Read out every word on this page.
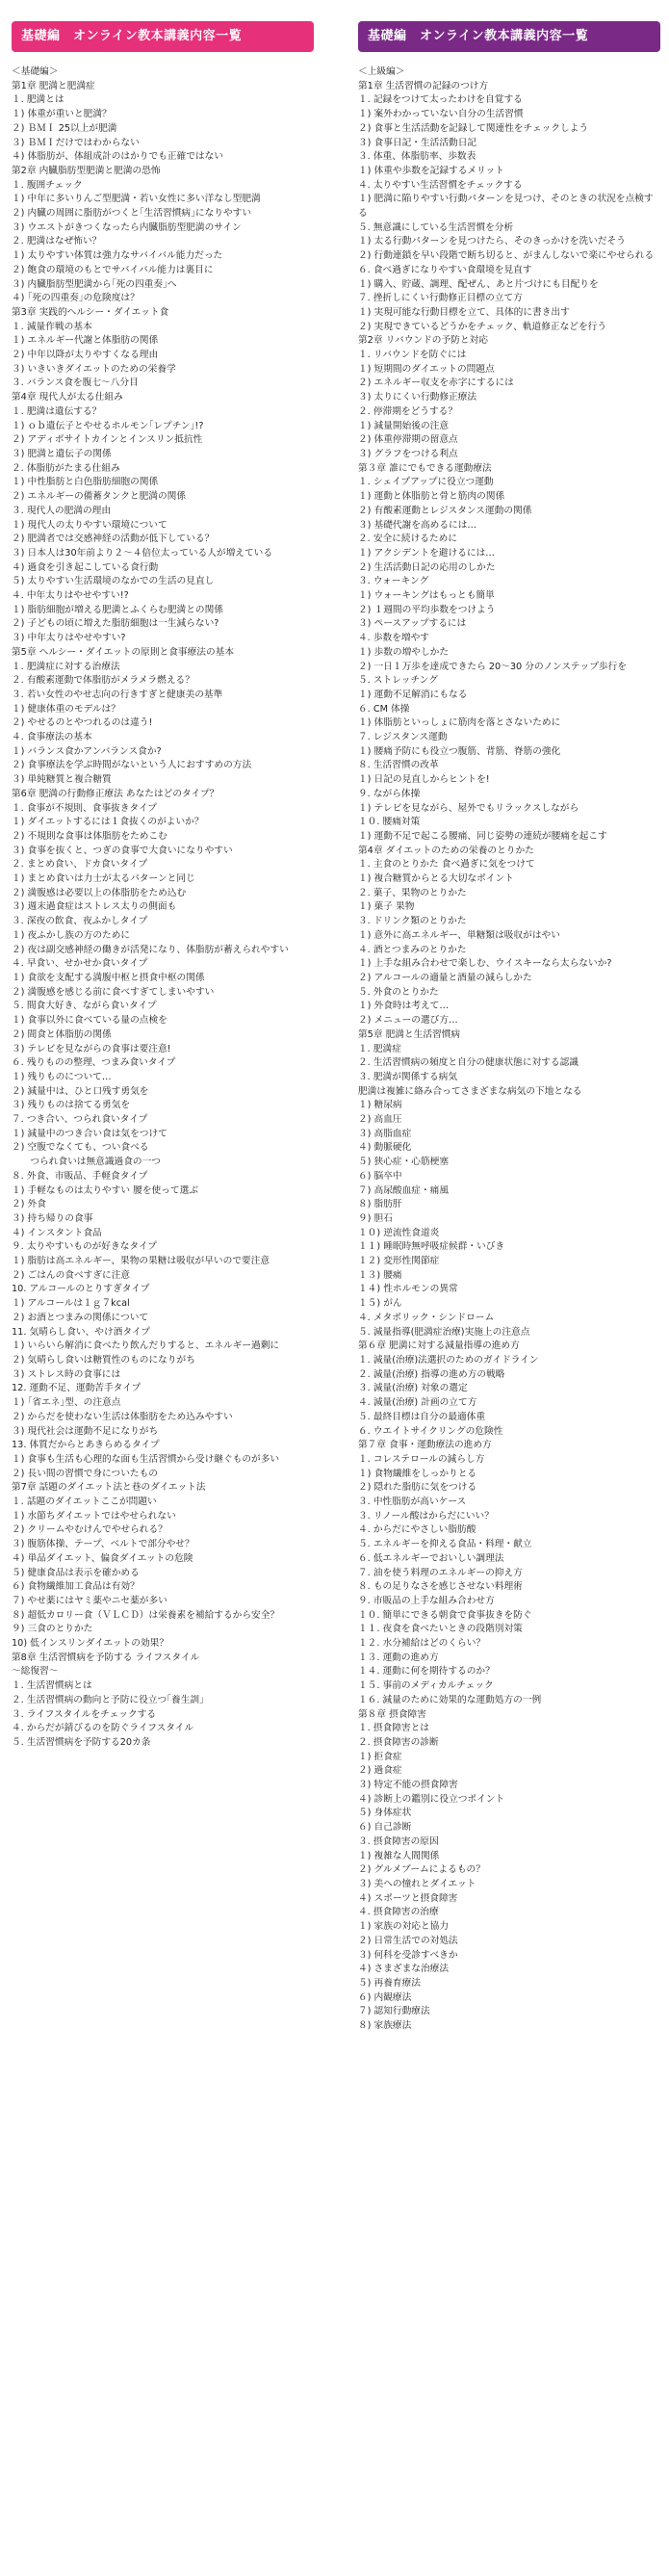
基礎編　オンライン教本講義内容一覧

＜基礎編＞

第1章 肥満と肥満症

１. 肥満とは

１) 体重が重いと肥満？

２) ＢＭＩ 25以上が肥満

３) ＢＭＩだけではわからない

４) 体脂肪が、体組成計のはかりでも正確ではない

第2章 内臓脂肪型肥満と肥満の恐怖

１. 腹囲チェック

１) 中年に多いりんご型肥満・若い女性に多い洋なし型肥満

２) 内臓の周囲に脂肪がつくと｢生活習慣病｣になりやすい

３) ウエストがきつくなったら内臓脂肪型肥満のサイン

２. 肥満はなぜ怖い？

１) 太りやすい体質は強力なサバイバル能力だった

２) 飽食の環境のもとでサバイバル能力は裏目に

３) 内臓脂肪型肥満から｢死の四重奏｣へ

４) ｢死の四重奏｣の危険度は？

第3章 実践的ヘルシー・ダイエット食

１. 減量作戦の基本

１) エネルギー代謝と体脂肪の関係

２) 中年以降が太りやすくなる理由

３) いきいきダイエットのための栄養学

３. バランス食を腹七～八分目

第4章 現代人が太る仕組み

１. 肥満は遺伝する？

１) ｏｂ遺伝子とやせるホルモン｢レプチン｣!?

２) アディポサイトカインとインスリン抵抗性

３) 肥満と遺伝子の関係

２. 体脂肪がたまる仕組み

１) 中性脂肪と白色脂肪細胞の関係

２) エネルギーの備蓄タンクと肥満の関係

３. 現代人の肥満の理由

１) 現代人の太りやすい環境について

２) 肥満者では交感神経の活動が低下している？

３) 日本人は30年前より２～４倍位太っている人が増えている

４) 過食を引き起こしている食行動

５) 太りやすい生活環境のなかでの生活の見直し

４. 中年太りはやせやすい!?

１) 脂肪細胞が増える肥満とふくらむ肥満との関係

２) 子どもの頃に増えた脂肪細胞は一生減らない?

３) 中年太りはやせやすい?

第5章 ヘルシー・ダイエットの原則と食事療法の基本

１. 肥満症に対する治療法

２. 有酸素運動で体脂肪がメラメラ燃える？

３. 若い女性のやせ志向の行きすぎと健康美の基準

１) 健康体重のモデルは？

２) やせるのとやつれるのは違う!

４. 食事療法の基本

１) バランス食かアンバランス食か?

２) 食事療法を学ぶ時間がないという人におすすめの方法

３) 単純糖質と複合糖質

第6章 肥満の行動修正療法 あなたはどのタイプ？

１. 食事が不規則、食事抜きタイプ

１) ダイエットするには１食抜くのがよいか？

２) 不規則な食事は体脂肪をためこむ

３) 食事を抜くと、つぎの食事で大食いになりやすい

２. まとめ食い、ドカ食いタイプ

１) まとめ食いは力士が太るパターンと同じ

２) 満腹感は必要以上の体脂肪をため込む

３) 週末過食症はストレス太りの側面も

３. 深夜の飲食、夜ふかしタイプ

１) 夜ふかし族の方のために

２) 夜は副交感神経の働きが活発になり、体脂肪が蓄えられやすい

４. 早食い、せかせか食いタイプ

１) 食欲を支配する満腹中枢と摂食中枢の関係

２) 満腹感を感じる前に食べすぎてしまいやすい

５. 間食大好き、ながら食いタイプ

１) 食事以外に食べている量の点検を

２) 間食と体脂肪の関係

３) テレビを見ながらの食事は要注意!

６. 残りものの整理、つまみ食いタイプ

１) 残りものについて…

２) 減量中は、ひと口残す勇気を

３) 残りものは捨てる勇気を

７. つき合い、つられ食いタイプ

１) 減量中のつき合い食は気をつけて

２) 空腹でなくても、つい食べる

　　つられ食いは無意識過食の一つ

８. 外食、市販品、手軽食タイプ

１) 手軽なものは太りやすい 腰を使って選ぶ

２) 外食

３) 持ち帰りの食事

４) インスタント食品

９. 太りやすいものが好きなタイプ

１) 脂肪は高エネルギー、果物の果糖は吸収が早いので要注意

２) ごはんの食べすぎに注意

10. アルコールのとりすぎタイプ

１) アルコールは１ｇ７kcal

２) お酒とつまみの関係について

11. 気晴らし食い、やけ酒タイプ

１) いらいら解消に食べたり飲んだりすると、エネルギー過剰に

２) 気晴らし食いは糖質性のものになりがち

３) ストレス時の食事には

12. 運動不足、運動苦手タイプ

１) ｢省エネ｣型、の注意点

２) からだを使わない生活は体脂肪をため込みやすい

３) 現代社会は運動不足になりがち

13. 体質だからとあきらめるタイプ

１) 食事も生活も心理的な面も生活習慣から受け継ぐものが多い

２) 長い間の習慣で身についたもの

第7章 話題のダイエット法と巷のダイエット法

１. 話題のダイエットここが問題い

１) 水節ちダイエットではやせられない

２) クリームやむけんでやせられる？

３) 腹筋体操、テープ、ベルトで部分やせ？

４) 単品ダイエット、偏食ダイエットの危険

５) 健康食品は表示を確かめる

６) 食物繊維加工食品は有効？

７) やせ薬にはヤミ薬やニセ薬が多い

８) 超低カロリー食（ＶＬＣＤ）は栄養素を補給するから安全？

９) 三食のとりかた

10) 低インスリンダイエットの効果？

第8章 生活習慣病を予防する ライフスタイル

～総復習～

１. 生活習慣病とは

２. 生活習慣病の動向と予防に役立つ｢養生訓｣

３. ライフスタイルをチェックする

４. からだが錆びるのを防ぐライフスタイル

５. 生活習慣病を予防する20カ条

基礎編　オンライン教本講義内容一覧

＜上級編＞

第1章 生活習慣の記録のつけ方

１. 記録をつけて太ったわけを自覚する

１) 案外わかっていない自分の生活習慣

２) 食事と生活活動を記録して関連性をチェックしよう

３) 食事日記・生活活動日記

３. 体重、体脂肪率、歩数表

１) 体重や歩数を記録するメリット

４. 太りやすい生活習慣をチェックする

１) 肥満に陥りやすい行動パターンを見つけ、そのときの状況を点検する

５. 無意識にしている生活習慣を分析

１) 太る行動パターンを見つけたら、そのきっかけを洗いだそう

２) 行動連鎖を早い段階で断ち切ると、がまんしないで楽にやせられる

６. 食べ過ぎになりやすい食環境を見直す

１) 購入、貯蔵、調理、配ぜん、あと片づけにも目配りを

７. 挫折しにくい行動修正目標の立て方

１) 実現可能な行動目標を立て、具体的に書き出す

２) 実現できているどうかをチェック、軌道修正などを行う

第2章 リバウンドの予防と対応

１. リバウンドを防ぐには

１) 短期間のダイエットの問題点

２) エネルギー収支を赤字にするには

３) 太りにくい行動修正療法

２. 停滞期をどうする？

１) 減量開始後の注意

２) 体重停滞期の留意点

３) グラフをつける利点

第３章 誰にでもできる運動療法

１. シェイプアップに役立つ運動

１) 運動と体脂肪と骨と筋肉の関係

２) 有酸素運動とレジスタンス運動の関係

３) 基礎代謝を高めるには…

２. 安全に続けるために

１) アクシデントを避けるには…

２) 生活活動日記の応用のしかた

３. ウォーキング

１) ウォーキングはもっとも簡単

２) １週間の平均歩数をつけよう

３) ペースアップするには

４. 歩数を増やす

１) 歩数の増やしかた

２) 一日１万歩を達成できたら 20～30 分のノンステップ歩行を

５. ストレッチング

１) 運動不足解消にもなる

６. CM 体操

１) 体脂肪といっしょに筋肉を落とさないために

７. レジスタンス運動

１) 腰痛予防にも役立つ腹筋、背筋、脊筋の強化

８. 生活習慣の改革

１) 日記の見直しからヒントを!

９. ながら体操

１) テレビを見ながら、屋外でもリラックスしながら

１０. 腰痛対策

１) 運動不足で起こる腰痛、同じ姿勢の連続が腰痛を起こす

第4章 ダイエットのための栄養のとりかた

１. 主食のとりかた 食べ過ぎに気をつけて

１) 複合糖質からとる大切なポイント

２. 菓子、果物のとりかた

１) 菓子 果物

３. ドリンク類のとりかた

１) 意外に高エネルギー、単糖類は吸収がはやい

４. 酒とつまみのとりかた

１) 上手な組み合わせで楽しむ、ウイスキーなら太らないか?

２) アルコールの適量と酒量の減らしかた

５. 外食のとりかた

１) 外食時は考えて…

２) メニューの選び方…

第5章 肥満と生活習慣病

１. 肥満症

２. 生活習慣病の頻度と自分の健康状態に対する認識

３. 肥満が関係する病気

肥満は複雑に絡み合ってさまざまな病気の下地となる

１) 糖尿病

２) 高血圧

３) 高脂血症

４) 動脈硬化

５) 狭心症・心筋梗塞

６) 脳卒中

７) 高尿酸血症・痛風

８) 脂肪肝

９) 胆石

１０) 逆流性食道炎

１１) 睡眠時無呼吸症候群・いびき

１２) 変形性関節症

１３) 腰痛

１４) 性ホルモンの異常

１５) がん

４. メタボリック・シンドローム

５. 減量指導(肥満症治療)実施上の注意点

第６章 肥満に対する減量指導の進め方

１. 減量(治療)法選択のためのガイドライン

２. 減量(治療) 指導の進め方の戦略

３. 減量(治療) 対象の選定

４. 減量(治療) 計画の立て方

５. 最終目標は自分の最適体重

６. ウエイトサイクリングの危険性

第７章 食事・運動療法の進め方

１. コレステロールの減らし方

１) 食物繊維をしっかりとる

２) 隠れた脂肪に気をつける

３. 中性脂肪が高いケース

３. リノール酸はからだにいい？

４. からだにやさしい脂肪酸

５. エネルギーを抑える食品・料理・献立

６. 低エネルギーでおいしい調理法

７. 油を使う料理のエネルギーの抑え方

８. もの足りなさを感じさせない料理術

９. 市販品の上手な組み合わせ方

１０. 簡単にできる朝食で食事抜きを防ぐ

１１. 夜食を食べたいときの段階別対策

１２. 水分補給はどのくらい？

１３. 運動の進め方

１４. 運動に何を期待するのか？

１５. 事前のメディカルチェック

１６. 減量のために効果的な運動処方の一例

第８章 摂食障害

１. 摂食障害とは

２. 摂食障害の診断

１) 拒食症

２) 過食症

３) 特定不能の摂食障害

４) 診断上の鑑別に役立つポイント

５) 身体症状

６) 自己診断

３. 摂食障害の原因

１) 複雑な人間関係

２) グルメブームによるもの？

３) 美への憧れとダイエット

４) スポーツと摂食障害

４. 摂食障害の治療

１) 家族の対応と協力

２) 日常生活での対処法

３) 何科を受診すべきか

４) さまざまな治療法

５) 再養育療法

６) 内観療法

７) 認知行動療法

８) 家族療法
